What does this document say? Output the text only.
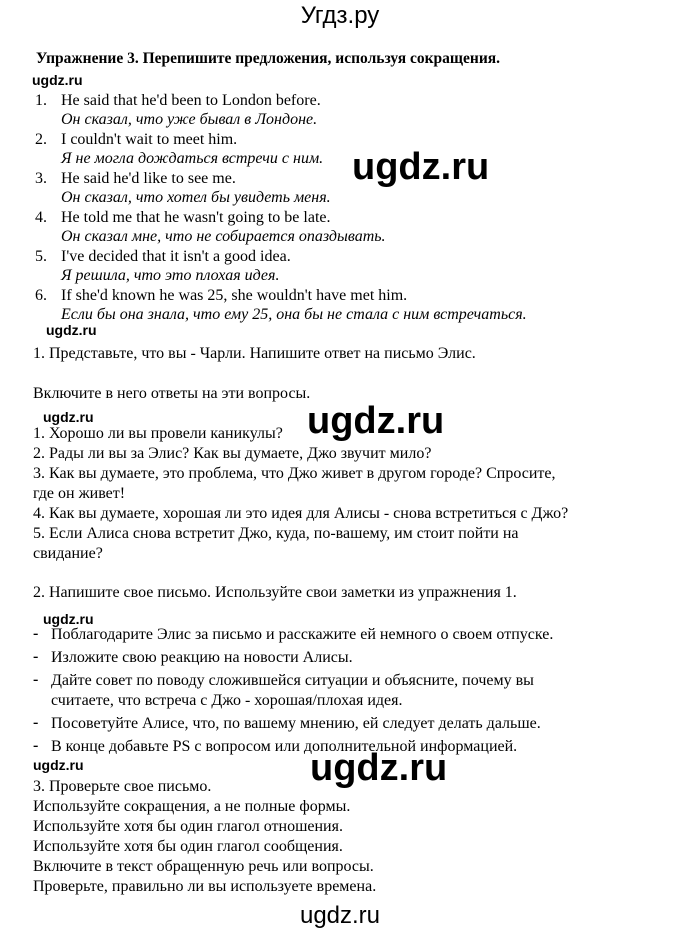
Угдз.ру
Упражнение 3. Перепишите предложения, используя сокращения.
ugdz.ru
ugdz.ru
ugdz.ru
ugdz.ru	ugdz.ru
ugdz.ru
ugdz.ru	ugdz.ru
1. He said that he'd been to London before.
Он сказал, что уже бывал в Лондоне.
2. I couldn't wait to meet him.
Я не могла дождаться встречи с ним.
3. He said he'd like to see me.
Он сказал, что хотел бы увидеть меня.
4. He told me that he wasn't going to be late.
Он сказал мне, что не собирается опаздывать.
5. I've decided that it isn't a good idea.
Я решила, что это плохая идея.
6. If she'd known he was 25, she wouldn't have met him.
Если бы она знала, что ему 25, она бы не стала с ним встречаться.
1. Представьте, что вы - Чарли. Напишите ответ на письмо Элис.
Включите в него ответы на эти вопросы.
1. Хорошо ли вы провели каникулы?
2. Рады ли вы за Элис? Как вы думаете, Джо звучит мило?
3. Как вы думаете, это проблема, что Джо живет в другом городе? Спросите,
где он живет!
4. Как вы думаете, хорошая ли это идея для Алисы - снова встретиться с Джо?
5. Если Алиса снова встретит Джо, куда, по-вашему, им стоит пойти на
свидание?
2. Напишите свое письмо. Используйте свои заметки из упражнения 1.
- Поблагодарите Элис за письмо и расскажите ей немного о своем отпуске.
- Изложите свою реакцию на новости Алисы.
- Дайте совет по поводу сложившейся ситуации и объясните, почему вы
считаете, что встреча с Джо - хорошая/плохая идея.
- Посоветуйте Алисе, что, по вашему мнению, ей следует делать дальше.
- В конце добавьте PS с вопросом или дополнительной информацией.
3. Проверьте свое письмо.
Используйте сокращения, а не полные формы.
Используйте хотя бы один глагол отношения.
Используйте хотя бы один глагол сообщения.
Включите в текст обращенную речь или вопросы.
Проверьте, правильно ли вы используете времена.
ugdz.ru
